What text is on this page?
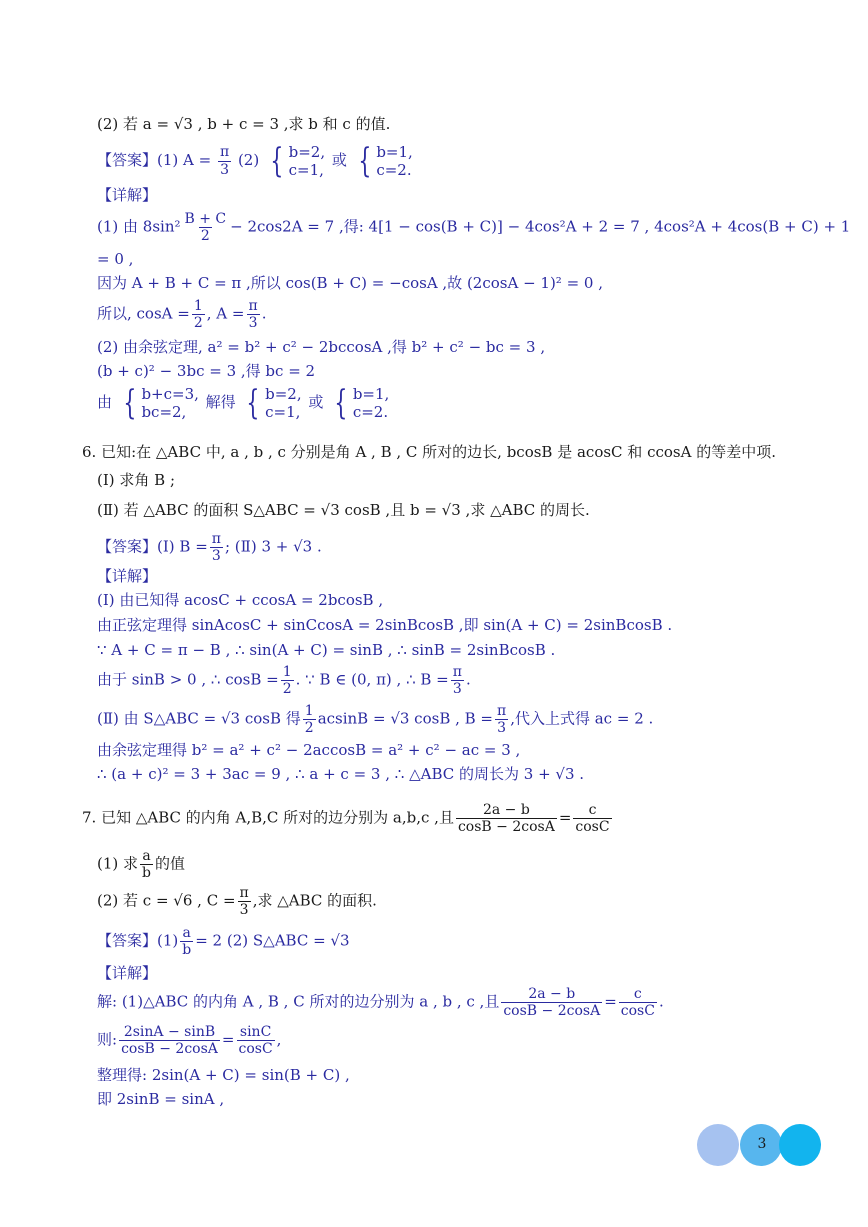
(2) 若 a = √3 , b + c = 3 ,求 b 和 c 的值.
【答案】(1) $A = \frac{\pi}{3} (2)$ { b=2,
c=1,
或 { b=1,
c=2.
【详解】
(1) 由 $8\sin^2 \frac{B + C}{2} - 2\cos 2A = 7$ ,得: 4[1 − cos(B + C)] − 4cos²A + 2 = 7 , 4cos²A + 4cos(B + C) + 1
= 0 ,
因为 A + B + C = π ,所以 cos(B + C) = −cosA ,故 (2cosA − 1)² = 0 ,
所以, $\cos A = \frac{1}{2}$ , $A = \frac{\pi}{3}$ .
(2) 由余弦定理, a² = b² + c² − 2bccosA ,得 b² + c² − bc = 3 ,
(b + c)² − 3bc = 3 ,得 bc = 2
由 { b+c=3,
bc=2,
解得 { b=2,
c=1,
或 { b=1,
c=2.
6. 已知:在 △ABC 中, a , b , c 分别是角 A , B , C 所对的边长, bcosB 是 acosC 和 ccosA 的等差中项.
(Ⅰ) 求角 B ;
(Ⅱ) 若 △ABC 的面积 S△ABC = √3 cosB ,且 b = √3 ,求 △ABC 的周长.
【答案】(Ⅰ) $B = \frac{\pi}{3}$ ; (Ⅱ) 3 + √3 .
【详解】
(Ⅰ) 由已知得 acosC + ccosA = 2bcosB ,
由正弦定理得 sinAcosC + sinCcosA = 2sinBcosB ,即 sin(A + C) = 2sinBcosB .
∵ A + C = π − B , ∴ sin(A + C) = sinB , ∴ sinB = 2sinBcosB .
由于 sinB > 0 , ∴ $\cos B = \frac{1}{2}$ . ∵ B ∈ (0, π) , ∴ $B = \frac{\pi}{3}$ .
(Ⅱ) 由 S△ABC = √3 cosB 得 $\frac{1}{2}$ acsinB = √3 cosB , $B = \frac{\pi}{3}$ ,代入上式得 ac = 2 .
由余弦定理得 b² = a² + c² − 2accosB = a² + c² − ac = 3 ,
∴ (a + c)² = 3 + 3ac = 9 , ∴ a + c = 3 , ∴ △ABC 的周长为 3 + √3 .
7. 已知 △ABC 的内角 A,B,C 所对的边分别为 a,b,c ,且 $\frac{2a - b}{\cos B - 2\cos A} = \frac{c}{\cos C}$
(1) 求 $\frac{a}{b}$ 的值
(2) 若 c = √6 , $C = \frac{\pi}{3}$ ,求 △ABC 的面积.
【答案】$(1) \frac{a}{b} = 2$ (2) S△ABC = √3
【详解】
解: (1)△ABC 的内角 A , B , C 所对的边分别为 a , b , c ,且 $\frac{2a - b}{\cos B - 2\cos A} = \frac{c}{\cos C}$ .
则: $\frac{2\sin A - \sin B}{\cos B - 2\cos A} = \frac{\sin C}{\cos C}$ ,
整理得: 2sin(A + C) = sin(B + C) ,
即 2sinB = sinA ,
3
